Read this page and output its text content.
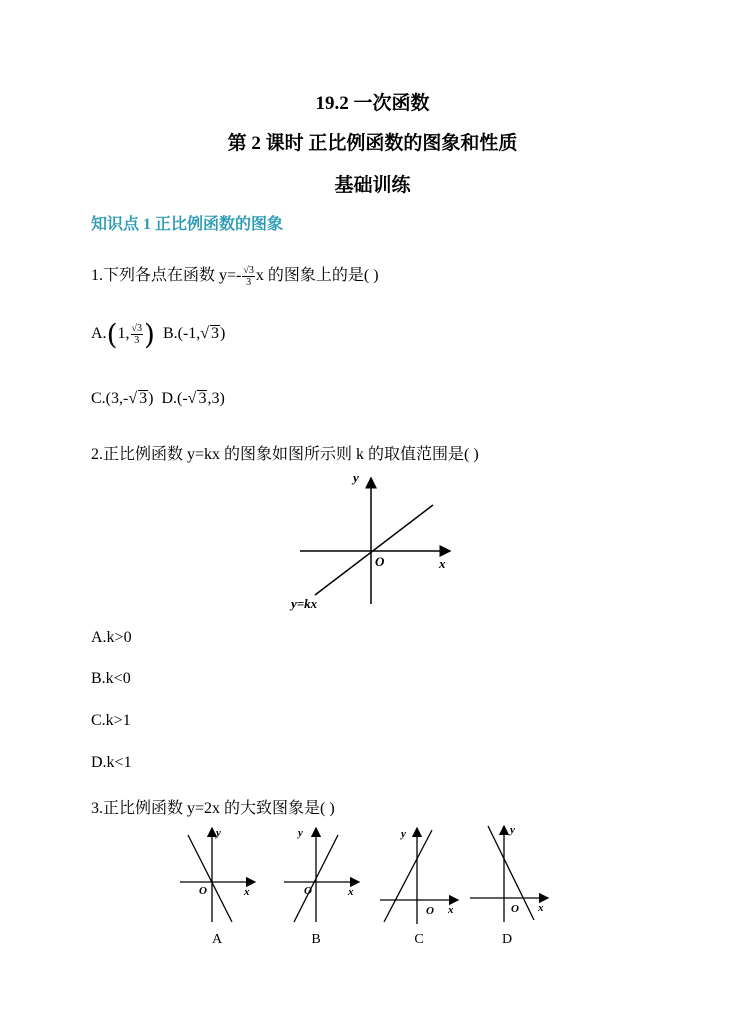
19.2 一次函数
第 2 课时 正比例函数的图象和性质
基础训练
知识点 1 正比例函数的图象
1.下列各点在函数 $y=- \frac{√3}{3}$ x 的图象上的是( )
A.(1, $\frac{√3}{3}$ ) B.(-1,√ 3)
C.(3,-√ 3) D.(-√ 3,3)
2.正比例函数 y=kx 的图象如图所示则 k 的取值范围是( )
y
x
O
y=kx
A.k>0
B.k<0
C.k>1
D.k<1
3.正比例函数 y=2x 的大致图象是( )
y
x
O
A
y
x
O
B
y
x
O
C
y
x
O
D
